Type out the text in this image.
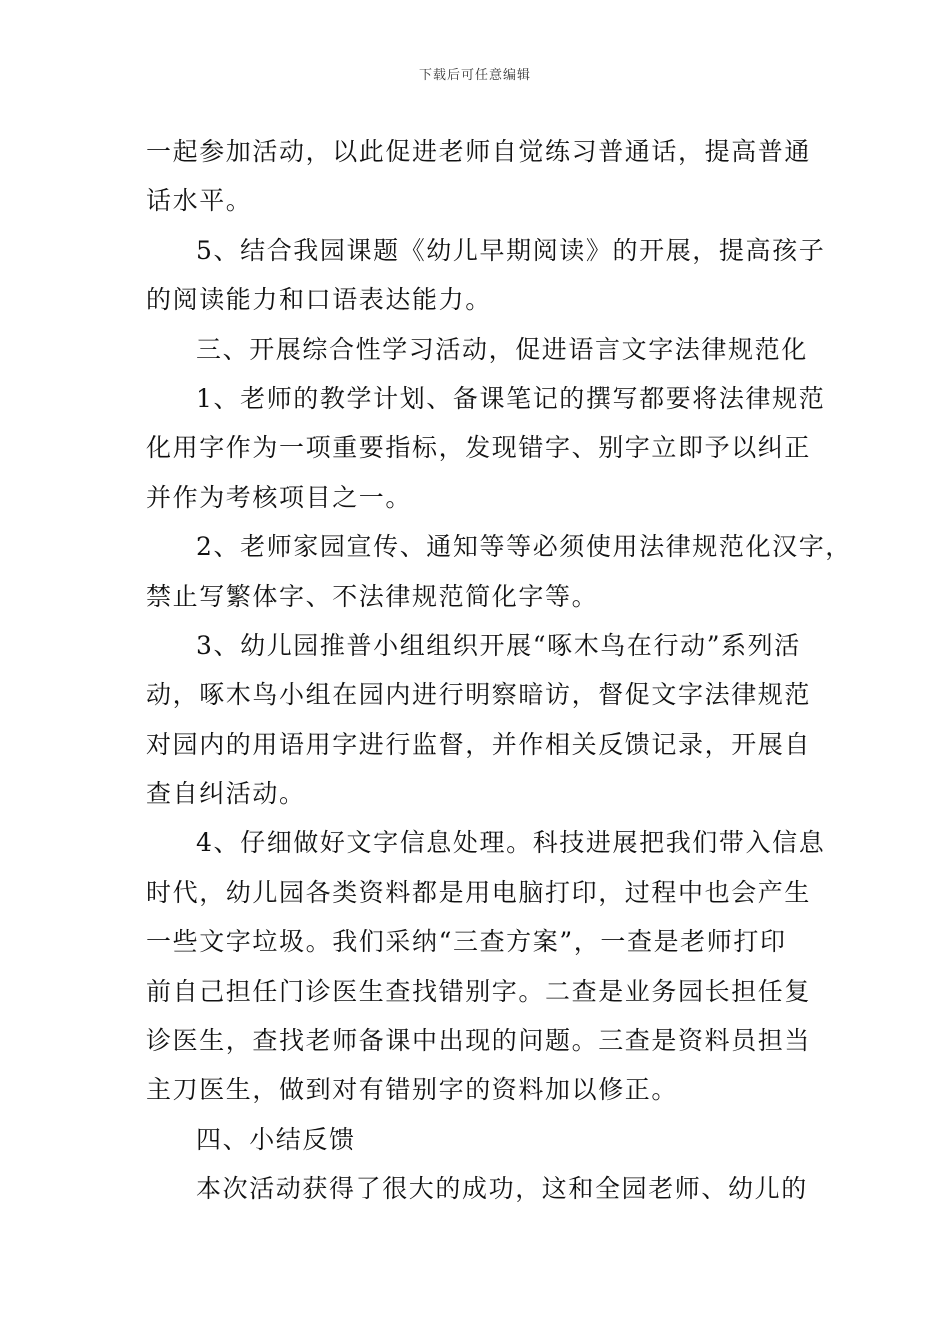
下载后可任意编辑
一起参加活动，以此促进老师自觉练习普通话，提高普通
话水平。
5、结合我园课题《幼儿早期阅读》的开展，提高孩子
的阅读能力和口语表达能力。
三、开展综合性学习活动，促进语言文字法律规范化
1、老师的教学计划、备课笔记的撰写都要将法律规范
化用字作为一项重要指标，发现错字、别字立即予以纠正
并作为考核项目之一。
2、老师家园宣传、通知等等必须使用法律规范化汉字，
禁止写繁体字、不法律规范简化字等。
3、幼儿园推普小组组织开展“啄木鸟在行动”系列活
动，啄木鸟小组在园内进行明察暗访，督促文字法律规范
对园内的用语用字进行监督，并作相关反馈记录，开展自
查自纠活动。
4、仔细做好文字信息处理。科技进展把我们带入信息
时代，幼儿园各类资料都是用电脑打印，过程中也会产生
一些文字垃圾。我们采纳“三查方案”，一查是老师打印
前自己担任门诊医生查找错别字。二查是业务园长担任复
诊医生，查找老师备课中出现的问题。三查是资料员担当
主刀医生，做到对有错别字的资料加以修正。
四、小结反馈
本次活动获得了很大的成功，这和全园老师、幼儿的
